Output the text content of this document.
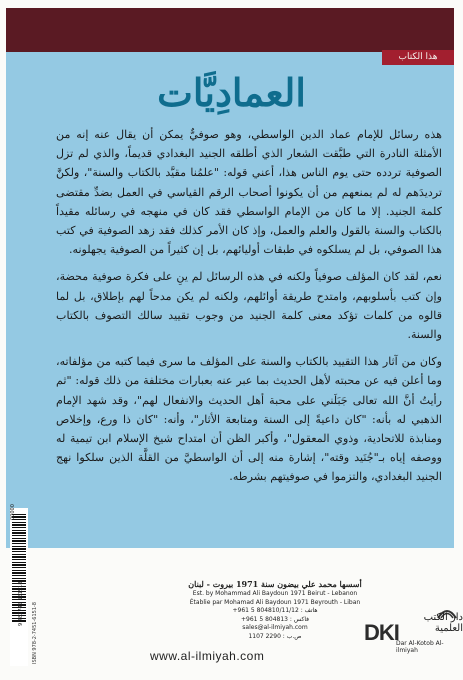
هذا الكتاب
العمادِيَّات

هذه رسائل للإمام عماد الدين الواسطي، وهو صوفيٌّ يمكن أن يقال عنه إنه من الأمثلة النادرة التي طبَّقت الشعار الذي أطلقه الجنيد البغدادي قديماً، والذي لم تزل الصوفية تردده حتى يوم الناس هذا، أعني قوله: "علمُنا مقيَّد بالكتاب والسنة"، ولكنَّ ترديدَهم له لم يمنعهم من أن يكونوا أصحاب الرقم القياسي في العمل بضدِّ مقتضى كلمة الجنيد. إلا ما كان من الإمام الواسطي فقد كان في منهجه في رسائله مقيداً بالكتاب والسنة بالقول والعلم والعمل، وإذ كان الأمر كذلك فقد زهد الصوفية في كتب هذا الصوفي، بل لم يسلكوه في طبقات أوليائهم، بل إن كثيراً من الصوفية يجهلونه.

نعم، لقد كان المؤلف صوفياً ولكنه في هذه الرسائل لم ينِ على فكرة صوفية محضة، وإن كتب بأسلوبهم، وامتدح طريقة أوائلهم، ولكنه لم يكن مدحاً لهم بإطلاق، بل لما قالوه من كلمات تؤكد معنى كلمة الجنيد من وجوب تقييد سالك التصوف بالكتاب والسنة.

وكان من آثار هذا التقييد بالكتاب والسنة على المؤلف ما سرى فيما كتبه من مؤلفاته، وما أعلن فيه عن محبته لأهل الحديث بما عبر عنه بعبارات مختلفة من ذلك قوله: "ثم رأيتُ أنَّ الله تعالى جَبَلَني على محبة أهل الحديث والانفعال لهم"، وقد شهد الإمام الذهبي له بأنه: "كان داعيةً إلى السنة ومتابعة الأثار"، وأنه: "كان ذا ورع، وإخلاص ومنابذة للاتحادية، وذوي المعقول"، وأكبر الظن أن امتداح شيخ الإسلام ابن تيمية له ووصفه إياه بـ"جُنَيد وقته"، إشارة منه إلى أن الواسطيَّ من القلَّة الذين سلكوا نهج الجنيد البغدادي، والتزموا في صوفيتهم بشرطه.

9 782745 161518 ISBN 978-2-7451-6151-8
00000
أسسها محمد علي بيضون سنة 1971 بيروت - لبنان
Est. by Mohammad Ali Baydoun 1971 Beirut - Lebanon
Établie par Mohamad Ali Baydoun 1971 Beyrouth - Liban
+961 5 804810/11/12 : هاتف
+961 5 804813 : فاكس
sales@al-ilmiyah.com
1107 2290 : ص.ب
www.al-ilmiyah.com
DKI
دار الكتب العلمية
Dar Al-Kotob Al-ilmiyah
